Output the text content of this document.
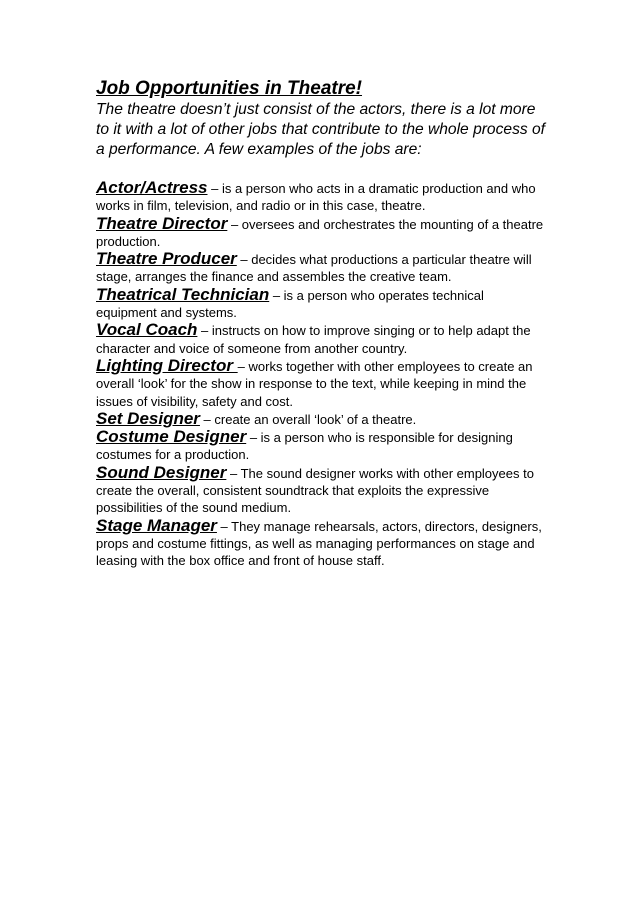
Job Opportunities in Theatre!

The theatre doesn’t just consist of the actors, there is a lot more to it with a lot of other jobs that contribute to the whole process of a performance. A few examples of the jobs are:

Actor/Actress – is a person who acts in a dramatic production and who works in film, television, and radio or in this case, theatre.

Theatre Director – oversees and orchestrates the mounting of a theatre production.

Theatre Producer – decides what productions a particular theatre will stage, arranges the finance and assembles the creative team.

Theatrical Technician – is a person who operates technical equipment and systems.

Vocal Coach – instructs on how to improve singing or to help adapt the character and voice of someone from another country.

Lighting Director – works together with other employees to create an overall ‘look’ for the show in response to the text, while keeping in mind the issues of visibility, safety and cost.

Set Designer – create an overall ‘look’ of a theatre.

Costume Designer – is a person who is responsible for designing costumes for a production.

Sound Designer – The sound designer works with other employees to create the overall, consistent soundtrack that exploits the expressive possibilities of the sound medium.

Stage Manager – They manage rehearsals, actors, directors, designers, props and costume fittings, as well as managing performances on stage and leasing with the box office and front of house staff.
